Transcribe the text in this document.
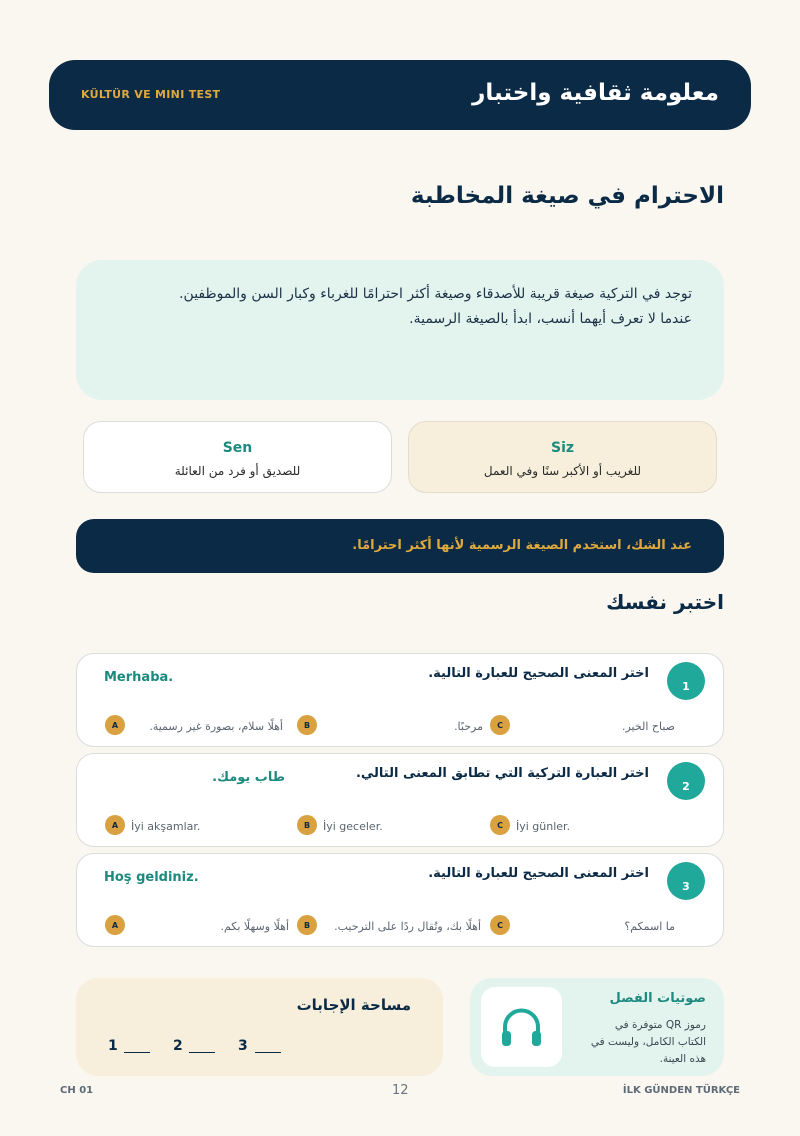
معلومة ثقافية واختبار
KÜLTÜR VE MINI TEST
الاحترام في صيغة المخاطبة
توجد في التركية صيغة قريبة للأصدقاء وصيغة أكثر احترامًا للغرباء وكبار السن والموظفين.
عندما لا تعرف أيهما أنسب، ابدأ بالصيغة الرسمية.
Siz
للغريب أو الأكبر سنًا وفي العمل
Sen
للصديق أو فرد من العائلة
عند الشك، استخدم الصيغة الرسمية لأنها أكثر احترامًا.
اختبر نفسك
1
اختر المعنى الصحيح للعبارة التالية.
Merhaba.
A	أهلًا سلام، بصورة غير رسمية.	B	مرحبًا.	C	صباح الخير.
2
اختر العبارة التركية التي تطابق المعنى التالي.
طاب يومك.
A	İyi akşamlar.	B	İyi geceler.	C	İyi günler.
3
اختر المعنى الصحيح للعبارة التالية.
Hoş geldiniz.
A	أهلًا وسهلًا بكم.	B	أهلًا بك، وتُقال ردًا على الترحيب.	C	ما اسمكم؟
مساحة الإجابات
1	2	3
صوتيات الفصل
رموز QR متوفرة في الكتاب الكامل، وليست في هذه العينة.
CH 01	12	İLK GÜNDEN TÜRKÇE
